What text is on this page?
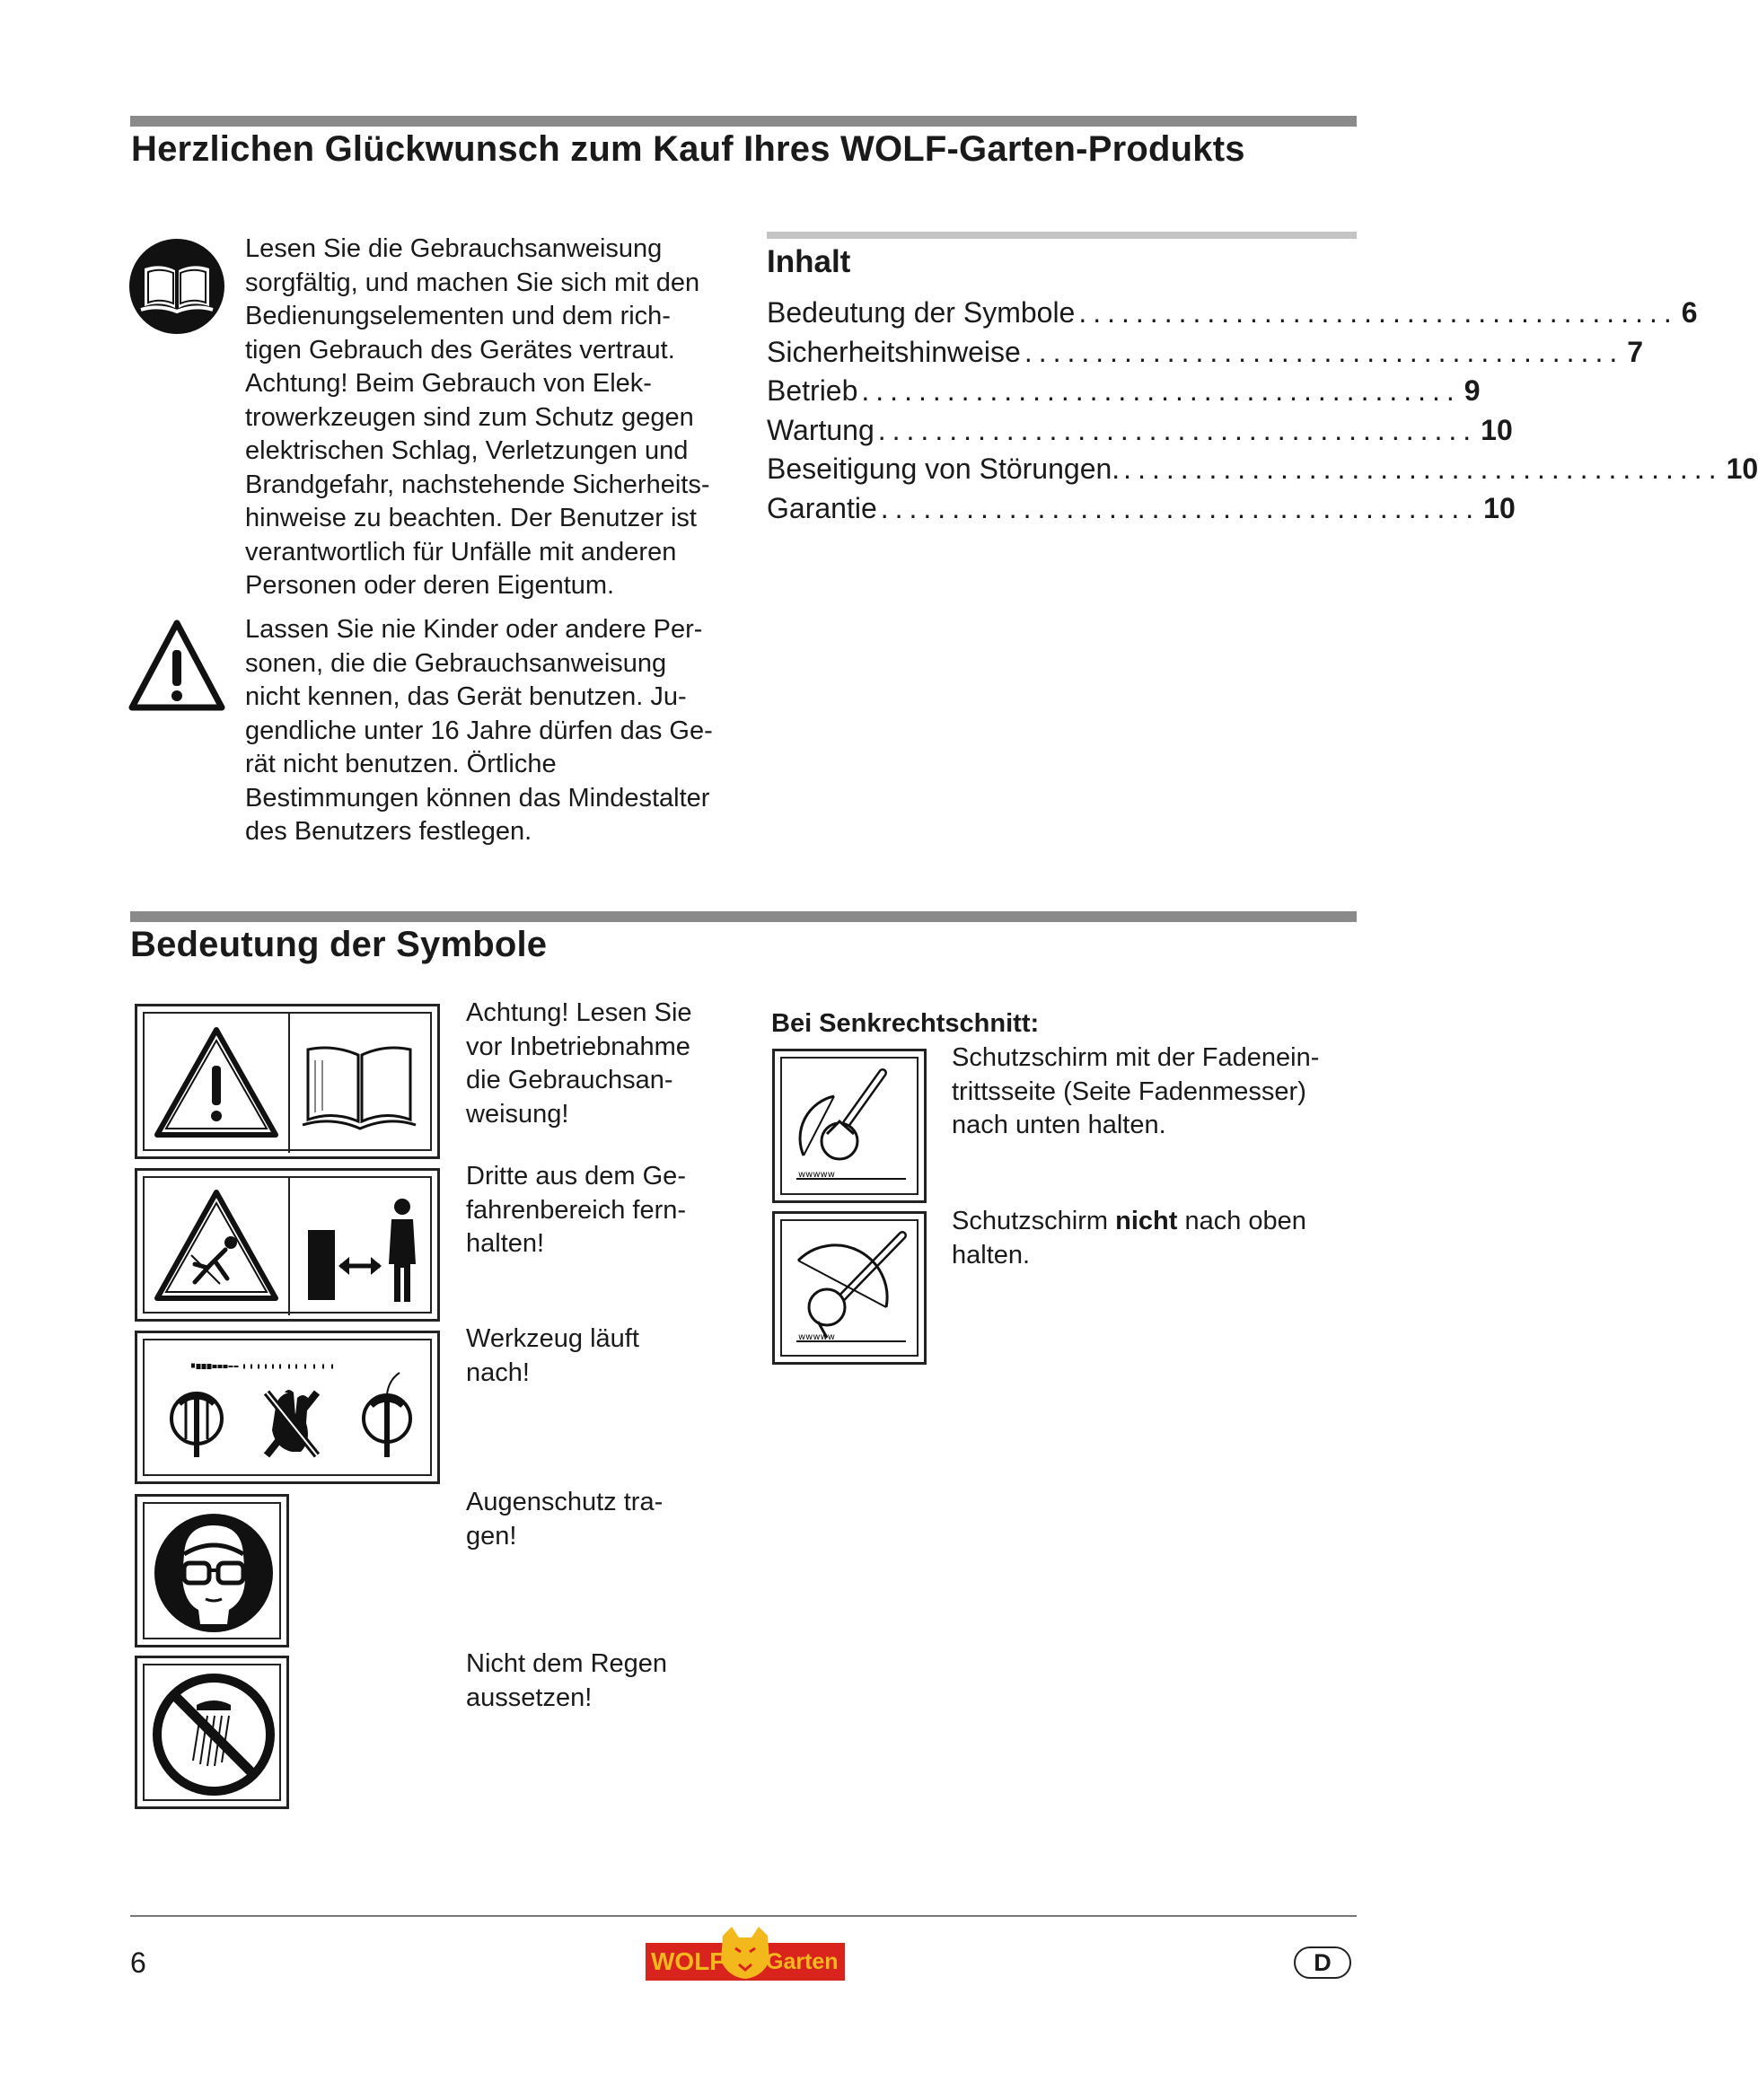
Herzlichen Glückwunsch zum Kauf Ihres WOLF-Garten-Produkts
Lesen Sie die Gebrauchsanweisung
sorgfältig, und machen Sie sich mit den
Bedienungselementen und dem rich-
tigen Gebrauch des Gerätes vertraut.
Achtung! Beim Gebrauch von Elek-
trowerkzeugen sind zum Schutz gegen
elektrischen Schlag, Verletzungen und
Brandgefahr, nachstehende Sicherheits-
hinweise zu beachten. Der Benutzer ist
verantwortlich für Unfälle mit anderen
Personen oder deren Eigentum.
Lassen Sie nie Kinder oder andere Per-
sonen, die die Gebrauchsanweisung
nicht kennen, das Gerät benutzen. Ju-
gendliche unter 16 Jahre dürfen das Ge-
rät nicht benutzen. Örtliche
Bestimmungen können das Mindestalter
des Benutzers festlegen.
Inhalt
Bedeutung der Symbole .......................................... 6
Sicherheitshinweise .......................................... 7
Betrieb .......................................... 9
Wartung .......................................... 10
Beseitigung von Störungen. .......................................... 10
Garantie .......................................... 10
Bedeutung der Symbole
Achtung! Lesen Sie
vor Inbetriebnahme
die Gebrauchsan-
weisung!
Dritte aus dem Ge-
fahrenbereich fern-
halten!
Werkzeug läuft
nach!
Augenschutz tra-
gen!
Nicht dem Regen
aussetzen!
Bei Senkrechtschnitt:
wwwww
Schutzschirm mit der Fadenein-
trittsseite (Seite Fadenmesser)
nach unten halten.
wwwww
Schutzschirm nicht nach oben
halten.
6	WOLF Garten	D
